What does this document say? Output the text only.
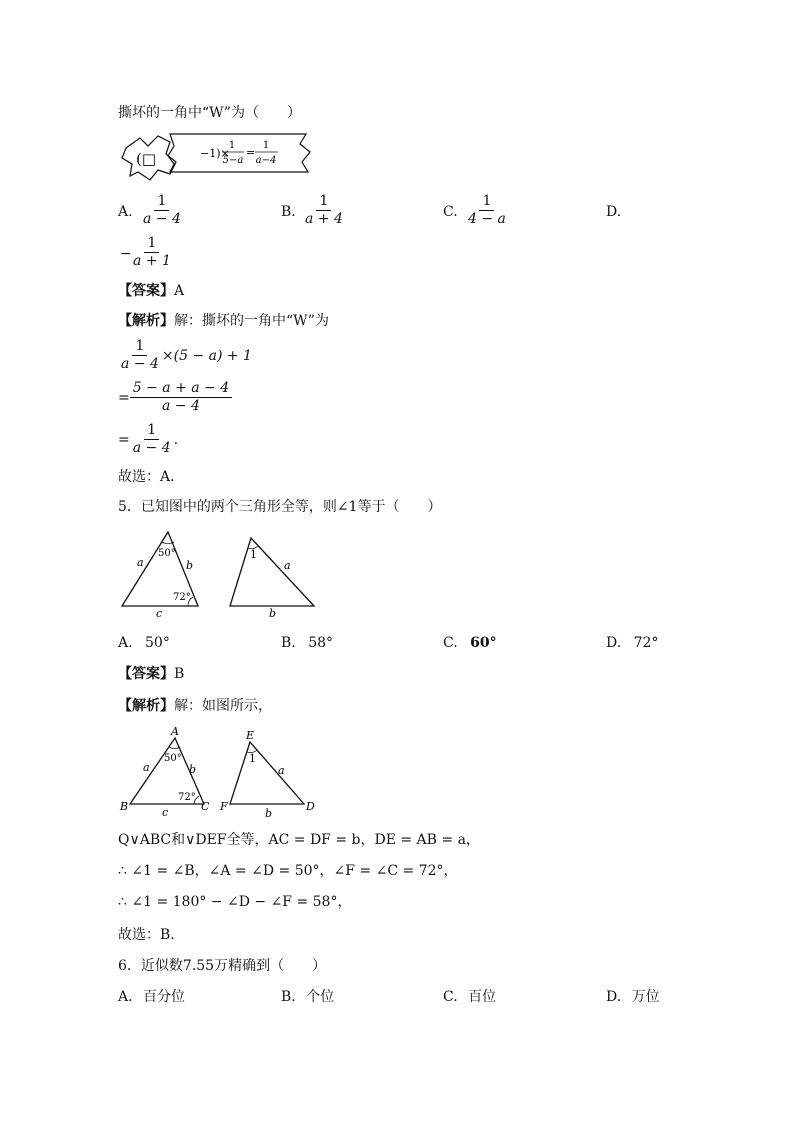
撕坏的一角中“W”为（　　）
(□	−1)×
1
5−a
=
1
a−4
A. $\frac{1}{a - 4}$	B. $\frac{1}{a + 4}$	C. $\frac{1}{4 - a}$	D.
−
$\frac{1}{a + 1}$
【答案】A
【解析】解：撕坏的一角中“W”为
$\frac{1}{a - 4} \times(5 - a) + 1$
= $\frac{5 - a + a - 4}{a - 4}$
= $\frac{1}{a - 4}$ .
故选：A．
5．已知图中的两个三角形全等，则∠1等于（　　）
50°
72°
a	b
c
1
a
b
A. 50°	B. 58°	C. 60°	D. 72°
【答案】B
【解析】解：如图所示，
A
B	C
50°
72°
a	b
c
E
F	D
1
a
b
Q∨ABC和∨DEF全等，AC = DF = b，DE = AB = a，
∴ ∠1 = ∠B，∠A = ∠D = 50°，∠F = ∠C = 72°，
∴ ∠1 = 180° − ∠D − ∠F = 58°，
故选：B．
6．近似数7.55万精确到（　　）
A. 百分位	B. 个位	C. 百位	D. 万位
